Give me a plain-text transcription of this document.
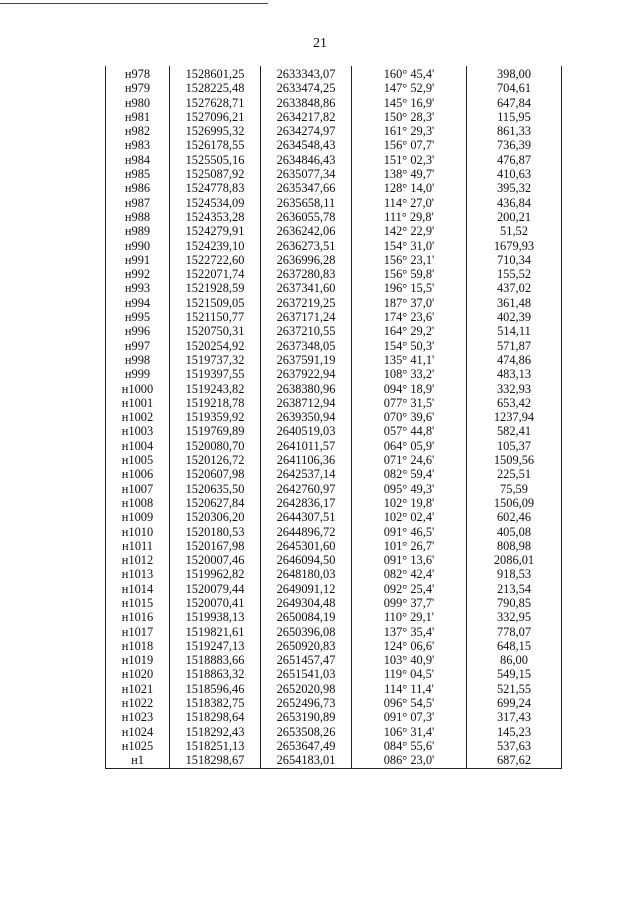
21
н978	1528601,25	2633343,07	160° 45,4'	398,00
н979	1528225,48	2633474,25	147° 52,9'	704,61
н980	1527628,71	2633848,86	145° 16,9'	647,84
н981	1527096,21	2634217,82	150° 28,3'	115,95
н982	1526995,32	2634274,97	161° 29,3'	861,33
н983	1526178,55	2634548,43	156° 07,7'	736,39
н984	1525505,16	2634846,43	151° 02,3'	476,87
н985	1525087,92	2635077,34	138° 49,7'	410,63
н986	1524778,83	2635347,66	128° 14,0'	395,32
н987	1524534,09	2635658,11	114° 27,0'	436,84
н988	1524353,28	2636055,78	111° 29,8'	200,21
н989	1524279,91	2636242,06	142° 22,9'	51,52
н990	1524239,10	2636273,51	154° 31,0'	1679,93
н991	1522722,60	2636996,28	156° 23,1'	710,34
н992	1522071,74	2637280,83	156° 59,8'	155,52
н993	1521928,59	2637341,60	196° 15,5'	437,02
н994	1521509,05	2637219,25	187° 37,0'	361,48
н995	1521150,77	2637171,24	174° 23,6'	402,39
н996	1520750,31	2637210,55	164° 29,2'	514,11
н997	1520254,92	2637348,05	154° 50,3'	571,87
н998	1519737,32	2637591,19	135° 41,1'	474,86
н999	1519397,55	2637922,94	108° 33,2'	483,13
н1000	1519243,82	2638380,96	094° 18,9'	332,93
н1001	1519218,78	2638712,94	077° 31,5'	653,42
н1002	1519359,92	2639350,94	070° 39,6'	1237,94
н1003	1519769,89	2640519,03	057° 44,8'	582,41
н1004	1520080,70	2641011,57	064° 05,9'	105,37
н1005	1520126,72	2641106,36	071° 24,6'	1509,56
н1006	1520607,98	2642537,14	082° 59,4'	225,51
н1007	1520635,50	2642760,97	095° 49,3'	75,59
н1008	1520627,84	2642836,17	102° 19,8'	1506,09
н1009	1520306,20	2644307,51	102° 02,4'	602,46
н1010	1520180,53	2644896,72	091° 46,5'	405,08
н1011	1520167,98	2645301,60	101° 26,7'	808,98
н1012	1520007,46	2646094,50	091° 13,6'	2086,01
н1013	1519962,82	2648180,03	082° 42,4'	918,53
н1014	1520079,44	2649091,12	092° 25,4'	213,54
н1015	1520070,41	2649304,48	099° 37,7'	790,85
н1016	1519938,13	2650084,19	110° 29,1'	332,95
н1017	1519821,61	2650396,08	137° 35,4'	778,07
н1018	1519247,13	2650920,83	124° 06,6'	648,15
н1019	1518883,66	2651457,47	103° 40,9'	86,00
н1020	1518863,32	2651541,03	119° 04,5'	549,15
н1021	1518596,46	2652020,98	114° 11,4'	521,55
н1022	1518382,75	2652496,73	096° 54,5'	699,24
н1023	1518298,64	2653190,89	091° 07,3'	317,43
н1024	1518292,43	2653508,26	106° 31,4'	145,23
н1025	1518251,13	2653647,49	084° 55,6'	537,63
н1	1518298,67	2654183,01	086° 23,0'	687,62
